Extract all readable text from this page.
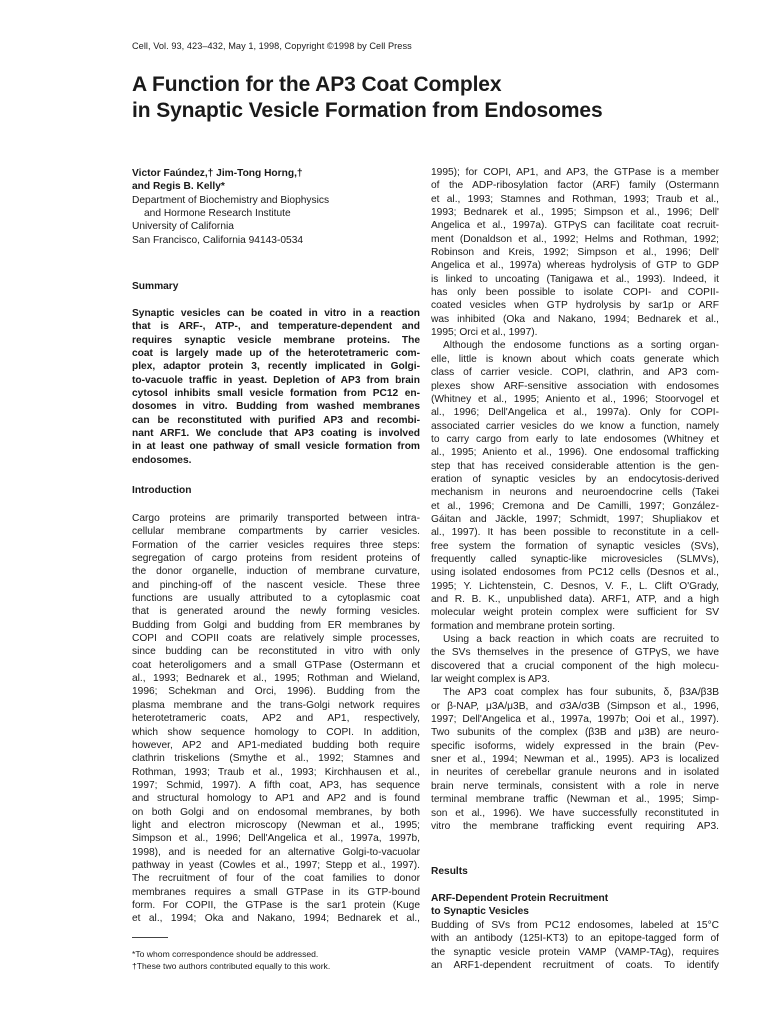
Cell, Vol. 93, 423–432, May 1, 1998, Copyright ©1998 by Cell Press
A Function for the AP3 Coat Complex
in Synaptic Vesicle Formation from Endosomes
Victor Faúndez,† Jim-Tong Horng,†
and Regis B. Kelly*
Department of Biochemistry and Biophysics
and Hormone Research Institute
University of California
San Francisco, California 94143-0534
Summary
Synaptic vesicles can be coated in vitro in a reaction
that is ARF-, ATP-, and temperature-dependent and
requires synaptic vesicle membrane proteins. The
coat is largely made up of the heterotetrameric com-
plex, adaptor protein 3, recently implicated in Golgi-
to-vacuole traffic in yeast. Depletion of AP3 from brain
cytosol inhibits small vesicle formation from PC12 en-
dosomes in vitro. Budding from washed membranes
can be reconstituted with purified AP3 and recombi-
nant ARF1. We conclude that AP3 coating is involved
in at least one pathway of small vesicle formation from
endosomes.
Introduction
Cargo proteins are primarily transported between intra-
cellular membrane compartments by carrier vesicles.
Formation of the carrier vesicles requires three steps:
segregation of cargo proteins from resident proteins of
the donor organelle, induction of membrane curvature,
and pinching-off of the nascent vesicle. These three
functions are usually attributed to a cytoplasmic coat
that is generated around the newly forming vesicles.
Budding from Golgi and budding from ER membranes by
COPI and COPII coats are relatively simple processes,
since budding can be reconstituted in vitro with only
coat heteroligomers and a small GTPase (Ostermann et
al., 1993; Bednarek et al., 1995; Rothman and Wieland,
1996; Schekman and Orci, 1996). Budding from the
plasma membrane and the trans-Golgi network requires
heterotetrameric coats, AP2 and AP1, respectively,
which show sequence homology to COPI. In addition,
however, AP2 and AP1-mediated budding both require
clathrin triskelions (Smythe et al., 1992; Stamnes and
Rothman, 1993; Traub et al., 1993; Kirchhausen et al.,
1997; Schmid, 1997). A fifth coat, AP3, has sequence
and structural homology to AP1 and AP2 and is found
on both Golgi and on endosomal membranes, by both
light and electron microscopy (Newman et al., 1995;
Simpson et al., 1996; Dell'Angelica et al., 1997a, 1997b,
1998), and is needed for an alternative Golgi-to-vacuolar
pathway in yeast (Cowles et al., 1997; Stepp et al., 1997).
The recruitment of four of the coat families to donor
membranes requires a small GTPase in its GTP-bound
form. For COPII, the GTPase is the sar1 protein (Kuge
et al., 1994; Oka and Nakano, 1994; Bednarek et al.,
*To whom correspondence should be addressed.
†These two authors contributed equally to this work.
1995); for COPI, AP1, and AP3, the GTPase is a member
of the ADP-ribosylation factor (ARF) family (Ostermann
et al., 1993; Stamnes and Rothman, 1993; Traub et al.,
1993; Bednarek et al., 1995; Simpson et al., 1996; Dell'
Angelica et al., 1997a). GTPγS can facilitate coat recruit-
ment (Donaldson et al., 1992; Helms and Rothman, 1992;
Robinson and Kreis, 1992; Simpson et al., 1996; Dell'
Angelica et al., 1997a) whereas hydrolysis of GTP to GDP
is linked to uncoating (Tanigawa et al., 1993). Indeed, it
has only been possible to isolate COPI- and COPII-
coated vesicles when GTP hydrolysis by sar1p or ARF
was inhibited (Oka and Nakano, 1994; Bednarek et al.,
1995; Orci et al., 1997).
Although the endosome functions as a sorting organ-
elle, little is known about which coats generate which
class of carrier vesicle. COPI, clathrin, and AP3 com-
plexes show ARF-sensitive association with endosomes
(Whitney et al., 1995; Aniento et al., 1996; Stoorvogel et
al., 1996; Dell'Angelica et al., 1997a). Only for COPI-
associated carrier vesicles do we know a function, namely
to carry cargo from early to late endosomes (Whitney et
al., 1995; Aniento et al., 1996). One endosomal trafficking
step that has received considerable attention is the gen-
eration of synaptic vesicles by an endocytosis-derived
mechanism in neurons and neuroendocrine cells (Takei
et al., 1996; Cremona and De Camilli, 1997; González-
Gáitan and Jäckle, 1997; Schmidt, 1997; Shupliakov et
al., 1997). It has been possible to reconstitute in a cell-
free system the formation of synaptic vesicles (SVs),
frequently called synaptic-like microvesicles (SLMVs),
using isolated endosomes from PC12 cells (Desnos et al.,
1995; Y. Lichtenstein, C. Desnos, V. F., L. Clift O'Grady,
and R. B. K., unpublished data). ARF1, ATP, and a high
molecular weight protein complex were sufficient for SV
formation and membrane protein sorting.
Using a back reaction in which coats are recruited to
the SVs themselves in the presence of GTPγS, we have
discovered that a crucial component of the high molecu-
lar weight complex is AP3.
The AP3 coat complex has four subunits, δ, β3A/β3B
or β-NAP, μ3A/μ3B, and σ3A/σ3B (Simpson et al., 1996,
1997; Dell'Angelica et al., 1997a, 1997b; Ooi et al., 1997).
Two subunits of the complex (β3B and μ3B) are neuro-
specific isoforms, widely expressed in the brain (Pev-
sner et al., 1994; Newman et al., 1995). AP3 is localized
in neurites of cerebellar granule neurons and in isolated
brain nerve terminals, consistent with a role in nerve
terminal membrane traffic (Newman et al., 1995; Simp-
son et al., 1996). We have successfully reconstituted in
vitro the membrane trafficking event requiring AP3.
Results
ARF-Dependent Protein Recruitment
to Synaptic Vesicles
Budding of SVs from PC12 endosomes, labeled at 15°C
with an antibody (125I-KT3) to an epitope-tagged form of
the synaptic vesicle protein VAMP (VAMP-TAg), requires
an ARF1-dependent recruitment of coats. To identify
